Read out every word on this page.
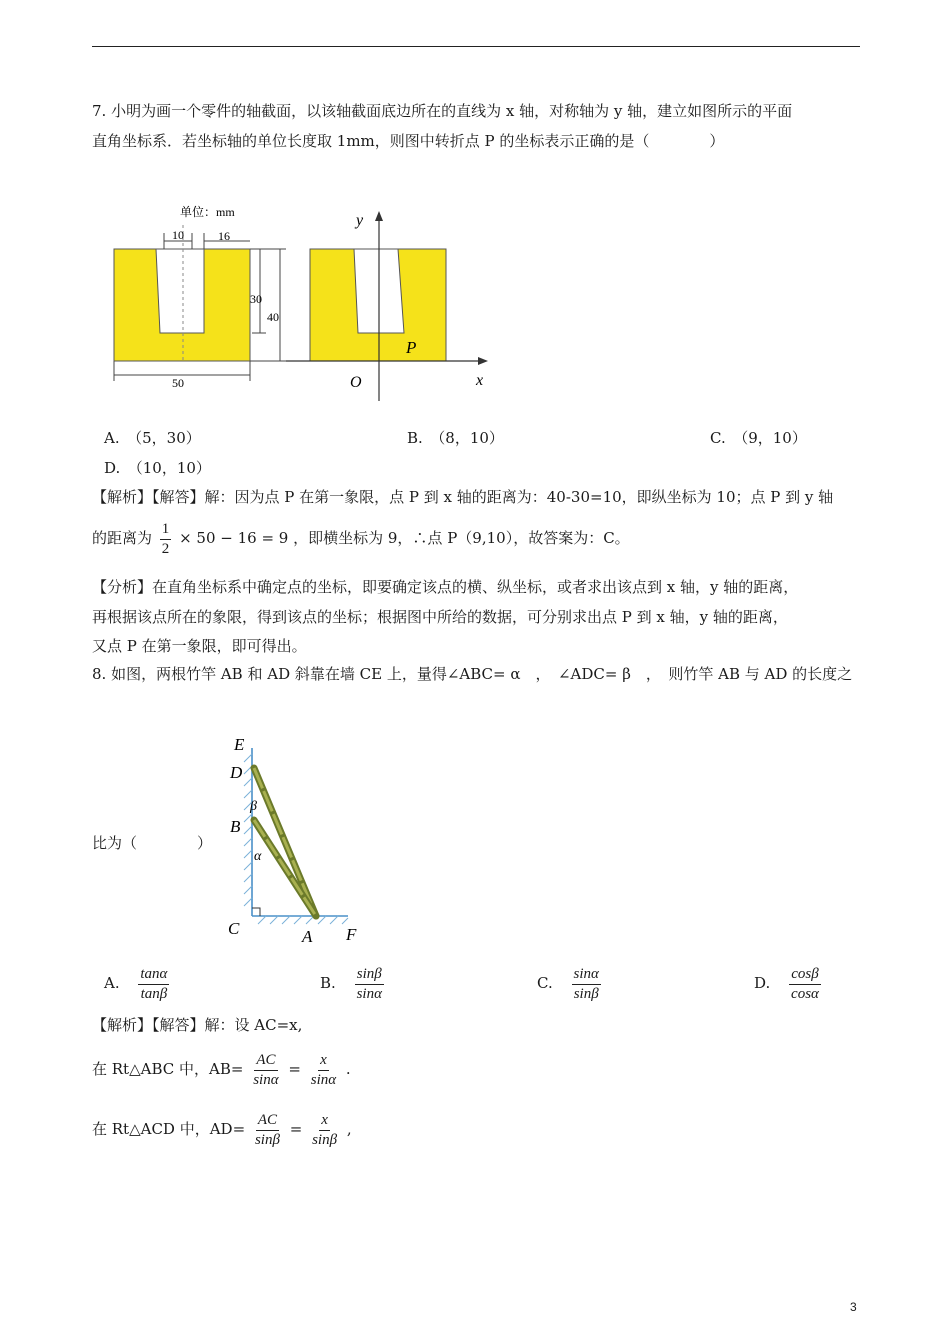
7. 小明为画一个零件的轴截面，以该轴截面底边所在的直线为 x 轴，对称轴为 y 轴，建立如图所示的平面
直角坐标系．若坐标轴的单位长度取 1mm，则图中转折点 P 的坐标表示正确的是（　　　　）
单位：mm
10	16
30
40
50
y
x
O
P
A.　（5，30）	B.　（8，10）	C.　（9，10）
D.　（10，10）
【解析】【解答】解：因为点 P 在第一象限，点 P 到 x 轴的距离为：40-30=10，即纵坐标为 10；点 P 到 y 轴
的距离为 $\frac{1}{2} \times 50 - 16 = 9$ ，即横坐标为 9，∴点 P（9,10），故答案为：C。
【分析】在直角坐标系中确定点的坐标，即要确定该点的横、纵坐标，或者求出该点到 x 轴，y 轴的距离，
再根据该点所在的象限，得到该点的坐标；根据图中所给的数据，可分别求出点 P 到 x 轴，y 轴的距离，
又点 P 在第一象限，即可得出。
8. 如图，两根竹竿 AB 和 AD 斜靠在墙 CE 上，量得∠ABC= α　，　∠ADC= β　，　则竹竿 AB 与 AD 的长度之
E
D
B
C	A F
β
α
比为（　　　　）
A. $\frac{\tan\alpha}{\tan\beta}$	B. $\frac{\sin\beta}{\sin\alpha}$	C. $\frac{\sin\alpha}{\sin\beta}$	D. $\frac{\cos\beta}{\cos\alpha}$
【解析】【解答】解：设 AC=x,
在 Rt△ABC 中，$AB= \frac{AC}{\sin\alpha} = \frac{x}{\sin\alpha}$ .
在 Rt△ACD 中，$AD= \frac{AC}{\sin\beta} = \frac{x}{\sin\beta}$ ,
3
